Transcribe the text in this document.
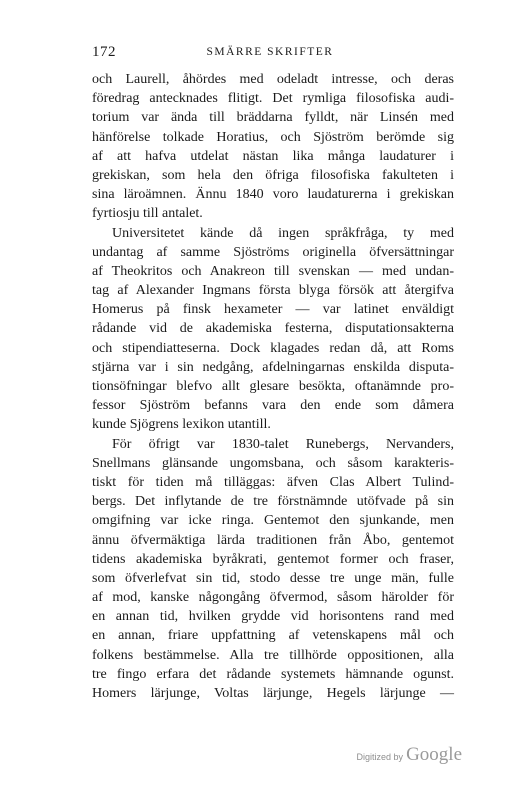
172	SMÄRRE SKRIFTER

och Laurell, åhördes med odeladt intresse, och deras
föredrag antecknades flitigt. Det rymliga filosofiska audi-
torium var ända till bräddarna fylldt, när Linsén med
hänförelse tolkade Horatius, och Sjöström berömde sig
af att hafva utdelat nästan lika många laudaturer i
grekiskan, som hela den öfriga filosofiska fakulteten i
sina läroämnen. Ännu 1840 voro laudaturerna i grekiskan
fyrtiosju till antalet.

Universitetet kände då ingen språkfråga, ty med
undantag af samme Sjöströms originella öfversättningar
af Theokritos och Anakreon till svenskan — med undan-
tag af Alexander Ingmans första blyga försök att återgifva
Homerus på finsk hexameter — var latinet enväldigt
rådande vid de akademiska festerna, disputationsakterna
och stipendiatteserna. Dock klagades redan då, att Roms
stjärna var i sin nedgång, afdelningarnas enskilda disputa-
tionsöfningar blefvo allt glesare besökta, oftanämnde pro-
fessor Sjöström befanns vara den ende som dåmera
kunde Sjögrens lexikon utantill.

För öfrigt var 1830-talet Runebergs, Nervanders,
Snellmans glänsande ungomsbana, och såsom karakteris-
tiskt för tiden må tilläggas: äfven Clas Albert Tulind-
bergs. Det inflytande de tre förstnämnde utöfvade på sin
omgifning var icke ringa. Gentemot den sjunkande, men
ännu öfvermäktiga lärda traditionen från Åbo, gentemot
tidens akademiska byråkrati, gentemot former och fraser,
som öfverlefvat sin tid, stodo desse tre unge män, fulle
af mod, kanske någongång öfvermod, såsom härolder för
en annan tid, hvilken grydde vid horisontens rand med
en annan, friare uppfattning af vetenskapens mål och
folkens bestämmelse. Alla tre tillhörde oppositionen, alla
tre fingo erfara det rådande systemets hämnande ogunst.
Homers lärjunge, Voltas lärjunge, Hegels lärjunge —

Digitized by Google
